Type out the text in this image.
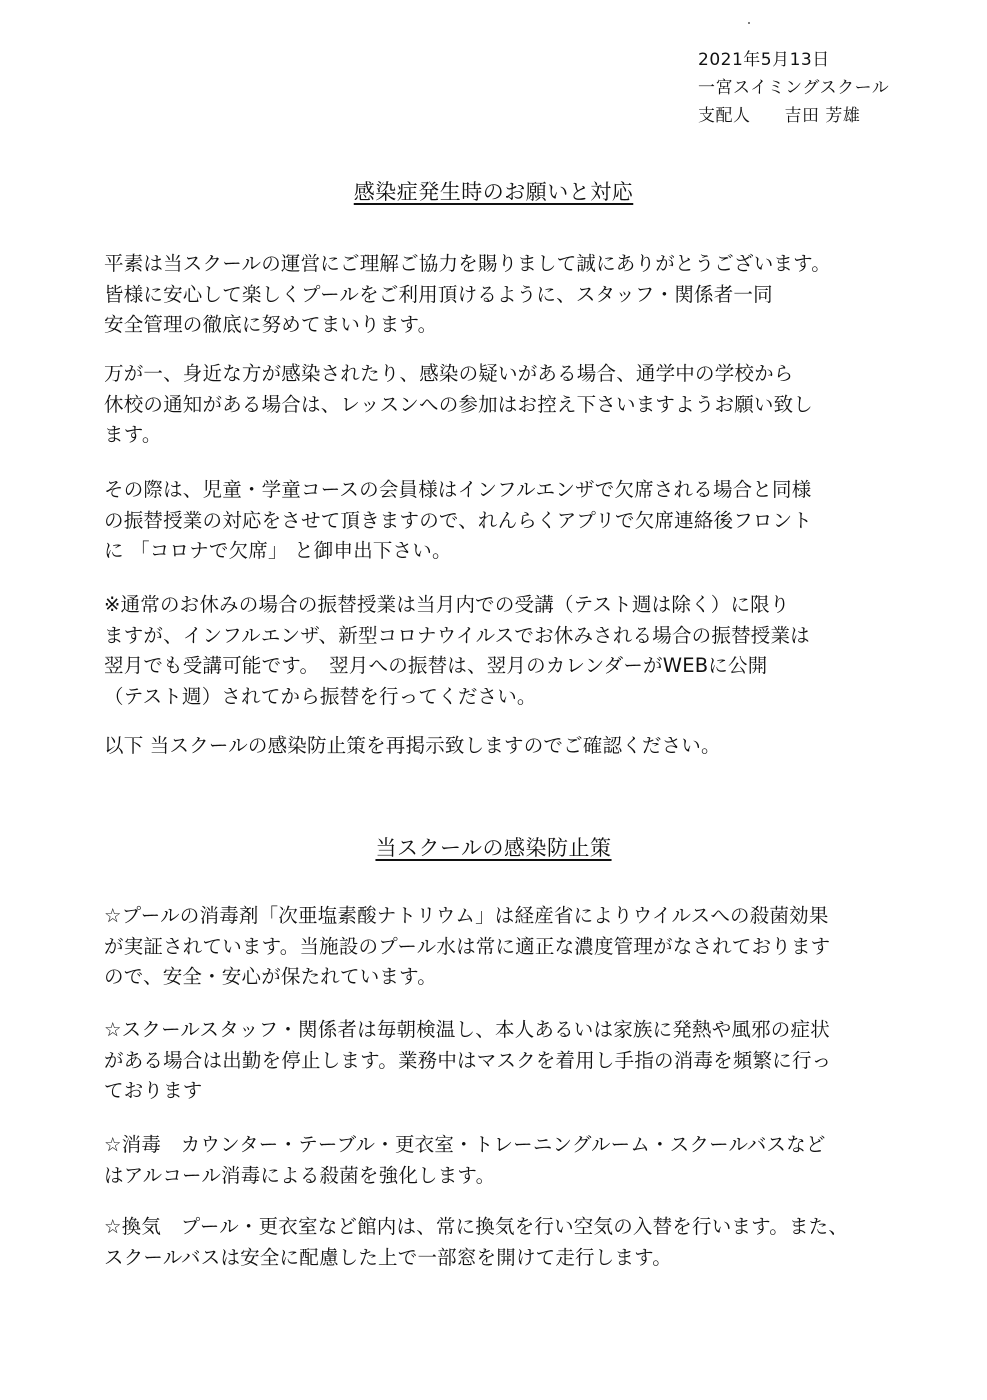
2021年5月13日
一宮スイミングスクール
支配人 吉田 芳雄
感染症発生時のお願いと対応
平素は当スクールの運営にご理解ご協力を賜りまして誠にありがとうございます。
皆様に安心して楽しくプールをご利用頂けるように、スタッフ・関係者一同
安全管理の徹底に努めてまいります。
万が一、身近な方が感染されたり、感染の疑いがある場合、通学中の学校から
休校の通知がある場合は、レッスンへの参加はお控え下さいますようお願い致し
ます。
その際は、児童・学童コースの会員様はインフルエンザで欠席される場合と同様
の振替授業の対応をさせて頂きますので、れんらくアプリで欠席連絡後フロント
に 「コロナで欠席」 と御申出下さい。
※通常のお休みの場合の振替授業は当月内での受講（テスト週は除く）に限り
ますが、インフルエンザ、新型コロナウイルスでお休みされる場合の振替授業は
翌月でも受講可能です。　翌月への振替は、翌月のカレンダーがWEBに公開
（テスト週）されてから振替を行ってください。
以下 当スクールの感染防止策を再掲示致しますのでご確認ください。
当スクールの感染防止策
☆プールの消毒剤「次亜塩素酸ナトリウム」は経産省によりウイルスへの殺菌効果
が実証されています。当施設のプール水は常に適正な濃度管理がなされております
ので、安全・安心が保たれています。
☆スクールスタッフ・関係者は毎朝検温し、本人あるいは家族に発熱や風邪の症状
がある場合は出勤を停止します。業務中はマスクを着用し手指の消毒を頻繁に行っ
ております
☆消毒　カウンター・テーブル・更衣室・トレーニングルーム・スクールバスなど
はアルコール消毒による殺菌を強化します。
☆換気　プール・更衣室など館内は、常に換気を行い空気の入替を行います。また、
スクールバスは安全に配慮した上で一部窓を開けて走行します。
